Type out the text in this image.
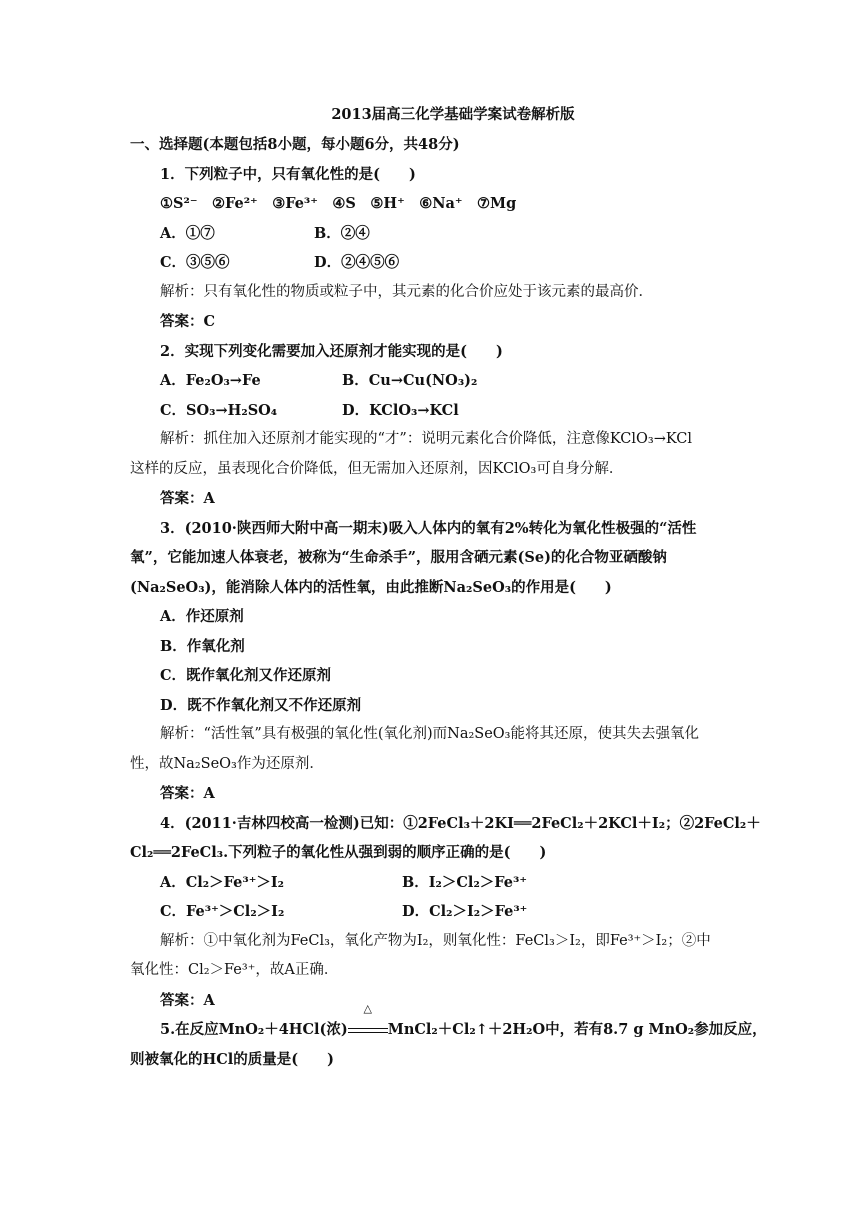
2013届高三化学基础学案试卷解析版
一、选择题(本题包括8小题，每小题6分，共48分)
1．下列粒子中，只有氧化性的是(　　)
①S²⁻　②Fe²⁺　③Fe³⁺　④S　⑤H⁺　⑥Na⁺　⑦Mg
A．①⑦	B．②④
C．③⑤⑥	D．②④⑤⑥
解析：只有氧化性的物质或粒子中，其元素的化合价应处于该元素的最高价．
答案：C
2．实现下列变化需要加入还原剂才能实现的是(　　)
A．Fe₂O₃→Fe	B．Cu→Cu(NO₃)₂
C．SO₃→H₂SO₄	D．KClO₃→KCl
解析：抓住加入还原剂才能实现的“才”：说明元素化合价降低，注意像KClO₃→KCl
这样的反应，虽表现化合价降低，但无需加入还原剂，因KClO₃可自身分解．
答案：A
3．(2010·陕西师大附中高一期末)吸入人体内的氧有2%转化为氧化性极强的“活性
氧”，它能加速人体衰老，被称为“生命杀手”，服用含硒元素(Se)的化合物亚硒酸钠
(Na₂SeO₃)，能消除人体内的活性氧，由此推断Na₂SeO₃的作用是(　　)
A．作还原剂
B．作氧化剂
C．既作氧化剂又作还原剂
D．既不作氧化剂又不作还原剂
解析：“活性氧”具有极强的氧化性(氧化剂)而Na₂SeO₃能将其还原，使其失去强氧化
性，故Na₂SeO₃作为还原剂．
答案：A
4．(2011·吉林四校高一检测)已知：①2FeCl₃＋2KI══2FeCl₂＋2KCl＋I₂；②2FeCl₂＋
Cl₂══2FeCl₃.下列粒子的氧化性从强到弱的顺序正确的是(　　)
A．Cl₂＞Fe³⁺＞I₂	B．I₂＞Cl₂＞Fe³⁺
C．Fe³⁺＞Cl₂＞I₂	D．Cl₂＞I₂＞Fe³⁺
解析：①中氧化剂为FeCl₃，氧化产物为I₂，则氧化性：FeCl₃＞I₂，即Fe³⁺＞I₂；②中
氧化性：Cl₂＞Fe³⁺，故A正确．
答案：A
5.在反应MnO₂＋4HCl(浓)
△
MnCl₂＋Cl₂↑＋2H₂O中，若有8.7 g MnO₂参加反应，
则被氧化的HCl的质量是(　　)
